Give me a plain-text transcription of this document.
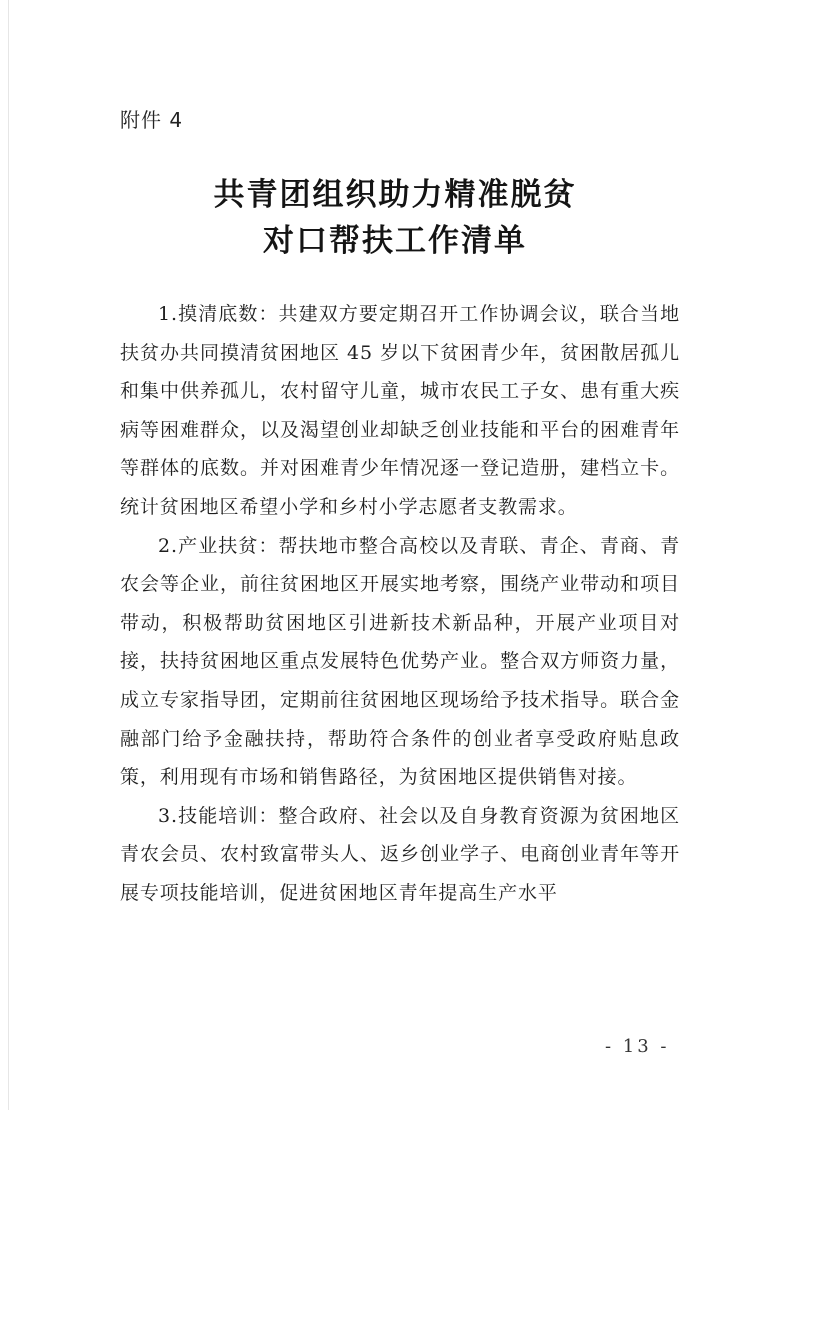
附件 4
共青团组织助力精准脱贫
对口帮扶工作清单

1.摸清底数：共建双方要定期召开工作协调会议，联合当地扶贫办共同摸清贫困地区 45 岁以下贫困青少年，贫困散居孤儿和集中供养孤儿，农村留守儿童，城市农民工子女、患有重大疾病等困难群众，以及渴望创业却缺乏创业技能和平台的困难青年等群体的底数。并对困难青少年情况逐一登记造册，建档立卡。统计贫困地区希望小学和乡村小学志愿者支教需求。

2.产业扶贫：帮扶地市整合高校以及青联、青企、青商、青农会等企业，前往贫困地区开展实地考察，围绕产业带动和项目带动，积极帮助贫困地区引进新技术新品种，开展产业项目对接，扶持贫困地区重点发展特色优势产业。整合双方师资力量，成立专家指导团，定期前往贫困地区现场给予技术指导。联合金融部门给予金融扶持，帮助符合条件的创业者享受政府贴息政策，利用现有市场和销售路径，为贫困地区提供销售对接。

3.技能培训：整合政府、社会以及自身教育资源为贫困地区青农会员、农村致富带头人、返乡创业学子、电商创业青年等开展专项技能培训，促进贫困地区青年提高生产水平

- 13 -
